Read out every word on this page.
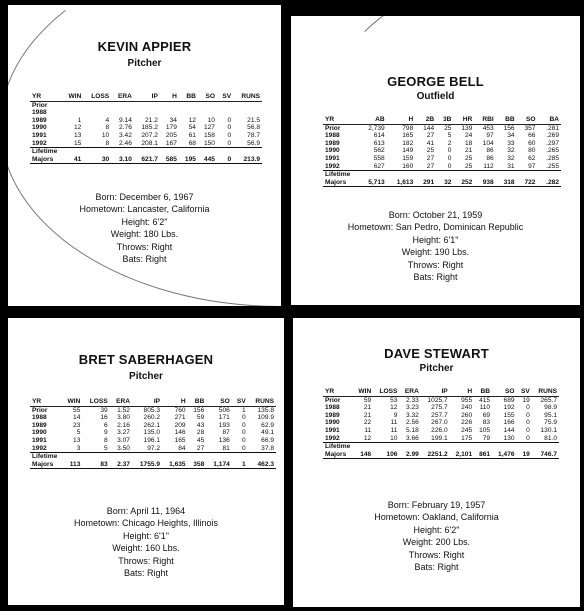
KEVIN APPIER
Pitcher
YR	WIN	LOSS	ERA	IP	H	BB	SO	SV	RUNS
Prior									
1988									
1989	1	4	9.14	21.2	34	12	10	0	21.5
1990	12	8	2.76	185.2	179	54	127	0	56.8
1991	13	10	3.42	207.2	205	61	158	0	78.7
1992	15	8	2.46	208.1	167	68	150	0	56.9
Lifetime									
Majors	41	30	3.10	621.7	585	195	445	0	213.9
Born: December 6, 1967
Hometown: Lancaster, California
Height: 6'2"
Weight: 180 Lbs.
Throws: Right
Bats: Right
GEORGE BELL
Outfield
YR	AB	H	2B	3B	HR	RBI	BB	SO	BA
Prior	2,739	798	144	25	139	453	156	357	.281
1988	614	165	27	5	24	97	34	66	.269
1989	613	182	41	2	18	104	33	60	.297
1990	562	149	25	0	21	86	32	80	.265
1991	558	159	27	0	25	86	32	62	.285
1992	627	160	27	0	25	112	31	97	.255
Lifetime									
Majors	5,713	1,613	291	32	252	938	318	722	.282
Born: October 21, 1959
Hometown: San Pedro, Dominican Republic
Height: 6'1"
Weight: 190 Lbs.
Throws: Right
Bats: Right
BRET SABERHAGEN
Pitcher
YR	WIN	LOSS	ERA	IP	H	BB	SO	SV	RUNS
Prior	55	39	1.52	805.3	760	156	506	1	135.8
1988	14	16	3.80	260.2	271	59	171	0	109.9
1989	23	6	2.16	262.1	209	43	193	0	62.9
1990	5	9	3.27	135.0	146	28	87	0	49.1
1991	13	8	3.07	196.1	165	45	136	0	66.9
1992	3	5	3.50	97.2	84	27	81	0	37.8
Lifetime									
Majors	113	83	2.37	1755.9	1,635	358	1,174	1	462.3
Born: April 11, 1964
Hometown: Chicago Heights, Illinois
Height: 6'1"
Weight: 160 Lbs.
Throws: Right
Bats: Right
DAVE STEWART
Pitcher
YR	WIN	LOSS	ERA	IP	H	BB	SO	SV	RUNS
Prior	59	53	2.33	1025.7	955	415	689	19	265.7
1988	21	12	3.23	275.7	240	110	192	0	98.9
1989	21	9	3.32	257.7	260	69	155	0	95.1
1990	22	11	2.56	267.0	226	83	166	0	75.9
1991	11	11	5.18	226.0	245	105	144	0	130.1
1992	12	10	3.66	199.1	175	79	130	0	81.0
Lifetime									
Majors	146	106	2.99	2251.2	2,101	861	1,476	19	746.7
Born: February 19, 1957
Hometown: Oakland, California
Height: 6'2"
Weight: 200 Lbs.
Throws: Right
Bats: Right
